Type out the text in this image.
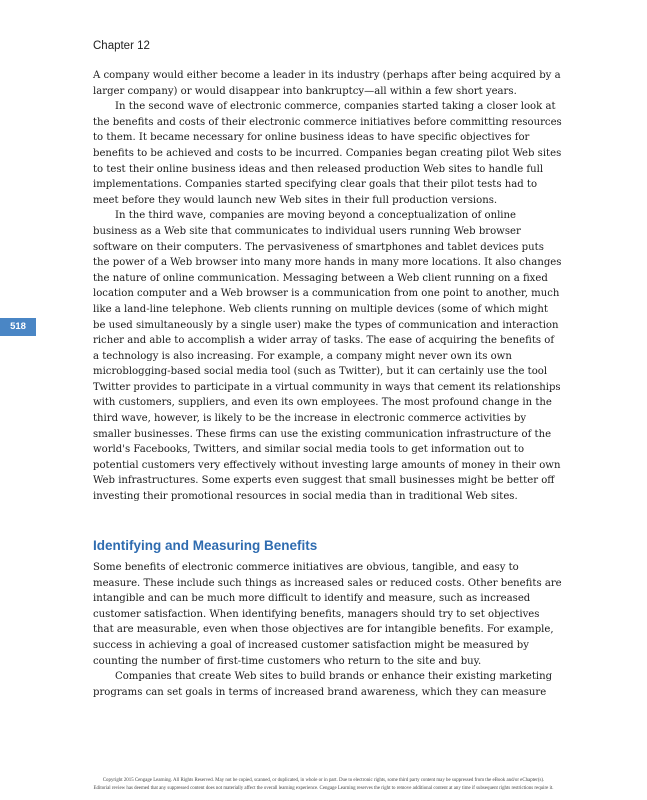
Chapter 12

A company would either become a leader in its industry (perhaps after being acquired by a larger company) or would disappear into bankruptcy—all within a few short years.

In the second wave of electronic commerce, companies started taking a closer look at the benefits and costs of their electronic commerce initiatives before committing resources to them. It became necessary for online business ideas to have specific objectives for benefits to be achieved and costs to be incurred. Companies began creating pilot Web sites to test their online business ideas and then released production Web sites to handle full implementations. Companies started specifying clear goals that their pilot tests had to meet before they would launch new Web sites in their full production versions.

In the third wave, companies are moving beyond a conceptualization of online business as a Web site that communicates to individual users running Web browser software on their computers. The pervasiveness of smartphones and tablet devices puts the power of a Web browser into many more hands in many more locations. It also changes the nature of online communication. Messaging between a Web client running on a fixed location computer and a Web browser is a communication from one point to another, much like a land-line telephone. Web clients running on multiple devices (some of which might be used simultaneously by a single user) make the types of communication and interaction richer and able to accomplish a wider array of tasks. The ease of acquiring the benefits of a technology is also increasing. For example, a company might never own its own microblogging-based social media tool (such as Twitter), but it can certainly use the tool Twitter provides to participate in a virtual community in ways that cement its relationships with customers, suppliers, and even its own employees. The most profound change in the third wave, however, is likely to be the increase in electronic commerce activities by smaller businesses. These firms can use the existing communication infrastructure of the world's Facebooks, Twitters, and similar social media tools to get information out to potential customers very effectively without investing large amounts of money in their own Web infrastructures. Some experts even suggest that small businesses might be better off investing their promotional resources in social media than in traditional Web sites.

518
Identifying and Measuring Benefits

Some benefits of electronic commerce initiatives are obvious, tangible, and easy to measure. These include such things as increased sales or reduced costs. Other benefits are intangible and can be much more difficult to identify and measure, such as increased customer satisfaction. When identifying benefits, managers should try to set objectives that are measurable, even when those objectives are for intangible benefits. For example, success in achieving a goal of increased customer satisfaction might be measured by counting the number of first-time customers who return to the site and buy.

Companies that create Web sites to build brands or enhance their existing marketing programs can set goals in terms of increased brand awareness, which they can measure

Copyright 2015 Cengage Learning. All Rights Reserved. May not be copied, scanned, or duplicated, in whole or in part. Due to electronic rights, some third party content may be suppressed from the eBook and/or eChapter(s).
Editorial review has deemed that any suppressed content does not materially affect the overall learning experience. Cengage Learning reserves the right to remove additional content at any time if subsequent rights restrictions require it.
